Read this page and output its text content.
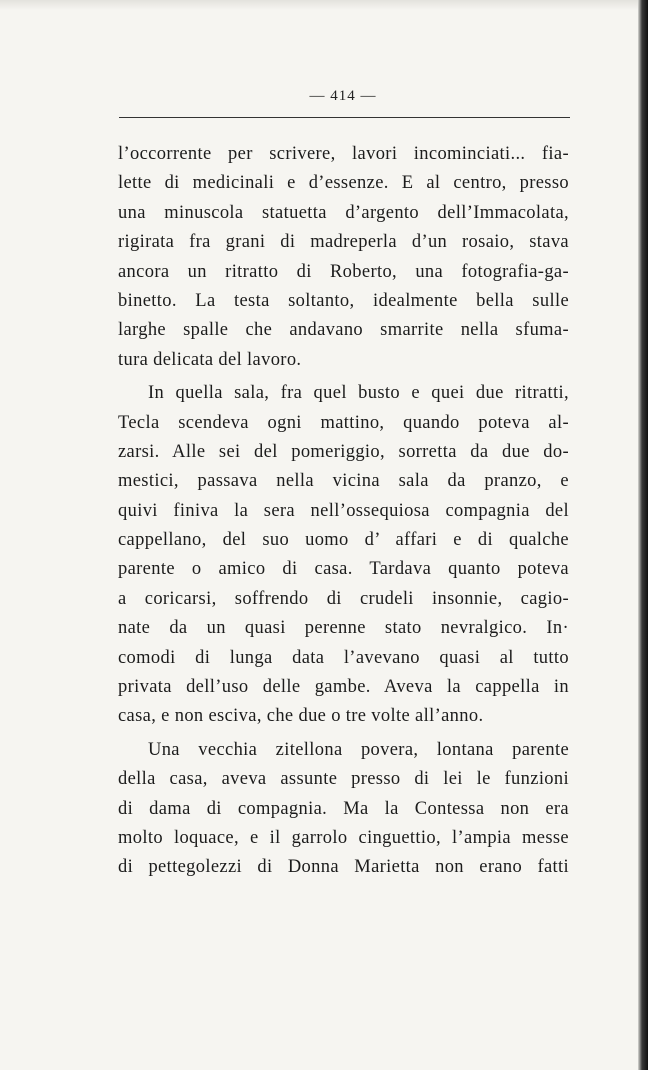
— 414 —
l’occorrente per scrivere, lavori incominciati... fia-
lette di medicinali e d’essenze. E al centro, presso
una minuscola statuetta d’argento dell’Immacolata,
rigirata fra grani di madreperla d’un rosaio, stava
ancora un ritratto di Roberto, una fotografia-ga-
binetto. La testa soltanto, idealmente bella sulle
larghe spalle che andavano smarrite nella sfuma-
tura delicata del lavoro.
In quella sala, fra quel busto e quei due ritratti,
Tecla scendeva ogni mattino, quando poteva al-
zarsi. Alle sei del pomeriggio, sorretta da due do-
mestici, passava nella vicina sala da pranzo, e
quivi finiva la sera nell’ossequiosa compagnia del
cappellano, del suo uomo d’ affari e di qualche
parente o amico di casa. Tardava quanto poteva
a coricarsi, soffrendo di crudeli insonnie, cagio-
nate da un quasi perenne stato nevralgico. In·
comodi di lunga data l’avevano quasi al tutto
privata dell’uso delle gambe. Aveva la cappella in
casa, e non esciva, che due o tre volte all’anno.
Una vecchia zitellona povera, lontana parente
della casa, aveva assunte presso di lei le funzioni
di dama di compagnia. Ma la Contessa non era
molto loquace, e il garrolo cinguettio, l’ampia messe
di pettegolezzi di Donna Marietta non erano fatti
